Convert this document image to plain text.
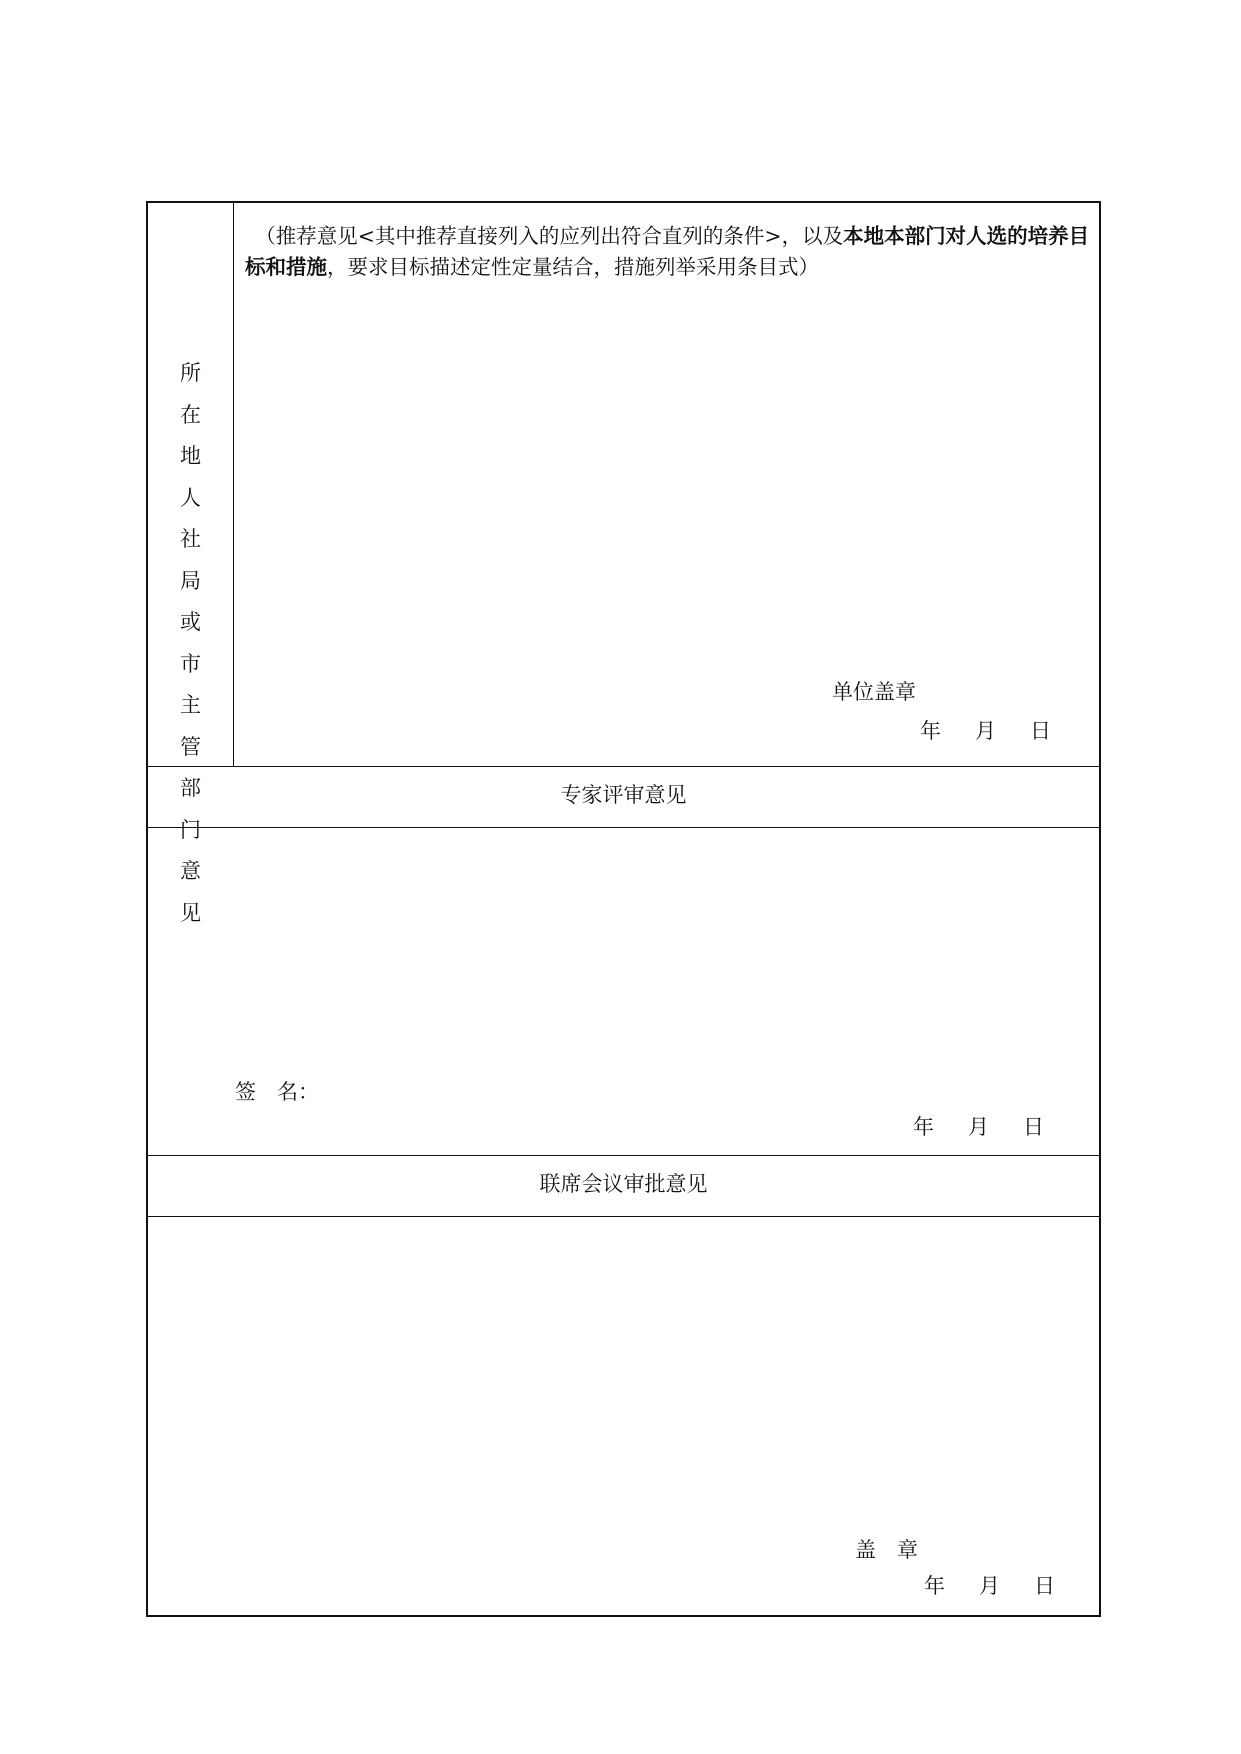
所在
地人
社局
或市
主管
部门
意见
（推荐意见<其中推荐直接列入的应列出符合直列的条件>，以及本地本部门对人选的培养目标和措施，要求目标描述定性定量结合，措施列举采用条目式）
单位盖章
年 月 日
专家评审意见
签　名：
年 月 日
联席会议审批意见
盖　章
年 月 日
